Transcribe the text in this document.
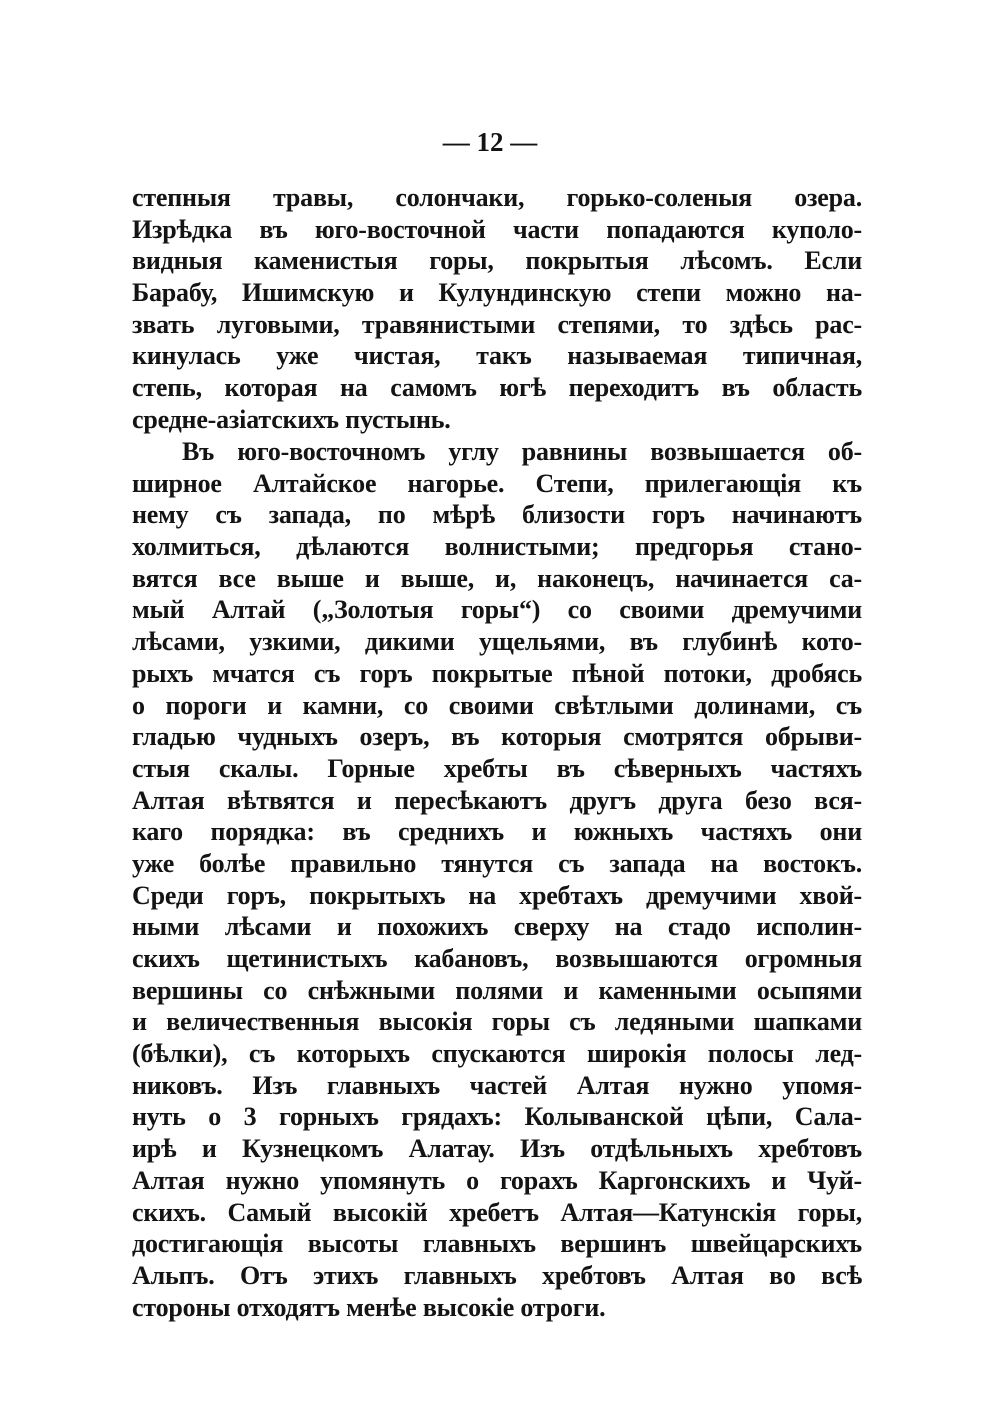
— 12 —
степныя травы, солончаки, горько-соленыя озера.
Изрѣдка въ юго-восточной части попадаются куполо-
видныя каменистыя горы, покрытыя лѣсомъ. Если
Барабу, Ишимскую и Кулундинскую степи можно на-
звать луговыми, травянистыми степями, то здѣсь рас-
кинулась уже чистая, такъ называемая типичная,
степь, которая на самомъ югѣ переходитъ въ область
средне-азiатскихъ пустынь.
Въ юго-восточномъ углу равнины возвышается об-
ширное Алтайское нагорье. Степи, прилегающiя къ
нему съ запада, по мѣрѣ близости горъ начинаютъ
холмиться, дѣлаются волнистыми; предгорья стано-
вятся все выше и выше, и, наконецъ, начинается са-
мый Алтай („Золотыя горы“) со своими дремучими
лѣсами, узкими, дикими ущельями, въ глубинѣ кото-
рыхъ мчатся съ горъ покрытые пѣной потоки, дробясь
о пороги и камни, со своими свѣтлыми долинами, съ
гладью чудныхъ озеръ, въ которыя смотрятся обрыви-
стыя скалы. Горные хребты въ сѣверныхъ частяхъ
Алтая вѣтвятся и пересѣкаютъ другъ друга безо вся-
каго порядка: въ среднихъ и южныхъ частяхъ они
уже болѣе правильно тянутся съ запада на востокъ.
Среди горъ, покрытыхъ на хребтахъ дремучими хвой-
ными лѣсами и похожихъ сверху на стадо исполин-
скихъ щетинистыхъ кабановъ, возвышаются огромныя
вершины со снѣжными полями и каменными осыпями
и величественныя высокiя горы съ ледяными шапками
(бѣлки), съ которыхъ спускаются широкiя полосы лед-
никовъ. Изъ главныхъ частей Алтая нужно упомя-
нуть о 3 горныхъ грядахъ: Колыванской цѣпи, Сала-
ирѣ и Кузнецкомъ Алатау. Изъ отдѣльныхъ хребтовъ
Алтая нужно упомянуть о горахъ Каргонскихъ и Чуй-
скихъ. Самый высокiй хребетъ Алтая—Катунскiя горы,
достигающiя высоты главныхъ вершинъ швейцарскихъ
Альпъ. Отъ этихъ главныхъ хребтовъ Алтая во всѣ
стороны отходятъ менѣе высокiе отроги.
